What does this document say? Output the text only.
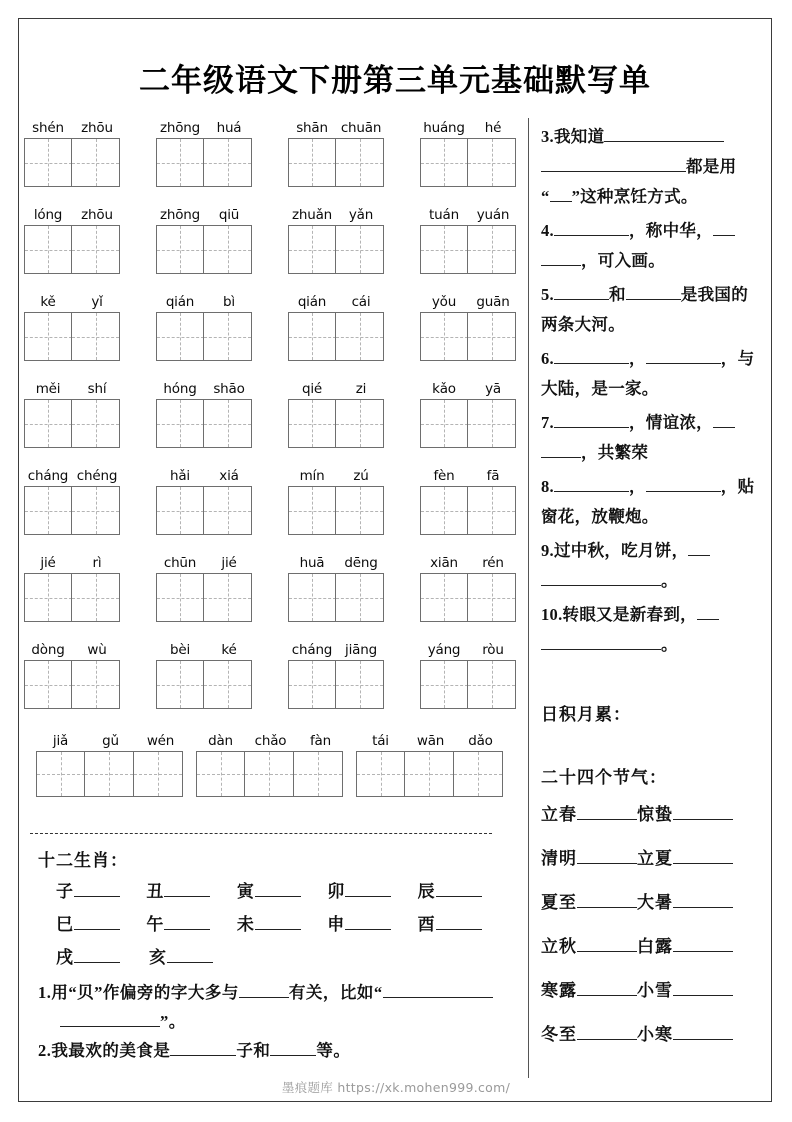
二年级语文下册第三单元基础默写单
shén	zhōu	zhōng	huá	shān chuān	huáng	hé
lóng	zhōu	zhōng	qiū	zhuǎn	yǎn	tuán	yuán
kě	yǐ	qián	bì	qián	cái	yǒu	guān
měi	shí	hóng	shāo	qié	zi	kǎo	yā
cháng chéng	hǎi	xiá	mín	zú	fèn	fā
jié	rì	chūn	jié	huā	dēng	xiān	rén
dòng	wù	bèi	ké	cháng jiāng	yáng	ròu
jiǎ	gǔ	wén	dàn	chǎo	fàn	tái	wān	dǎo
十二生肖：
子	丑	寅	卯	辰
巳	午	未	申	酉
戌	亥
1.用“贝”作偏旁的字大多与	有关，比如“
”。
2.我最欢的美食是	子和	等。
3.我知道
都是用
“ ”这种烹饪方式。
4.	，称中华，
，可入画。
5.	和	是我国的
两条大河。
6.	，	，与
大陆，是一家。
7.	，情谊浓，
，共繁荣
8.	，	，贴
窗花，放鞭炮。
9.过中秋，吃月饼，
。
10.转眼又是新春到，
。
日积月累：
二十四个节气：
立春	惊蛰
清明	立夏
夏至	大暑
立秋	白露
寒露	小雪
冬至	小寒
墨痕题库 https://xk.mohen999.com/
